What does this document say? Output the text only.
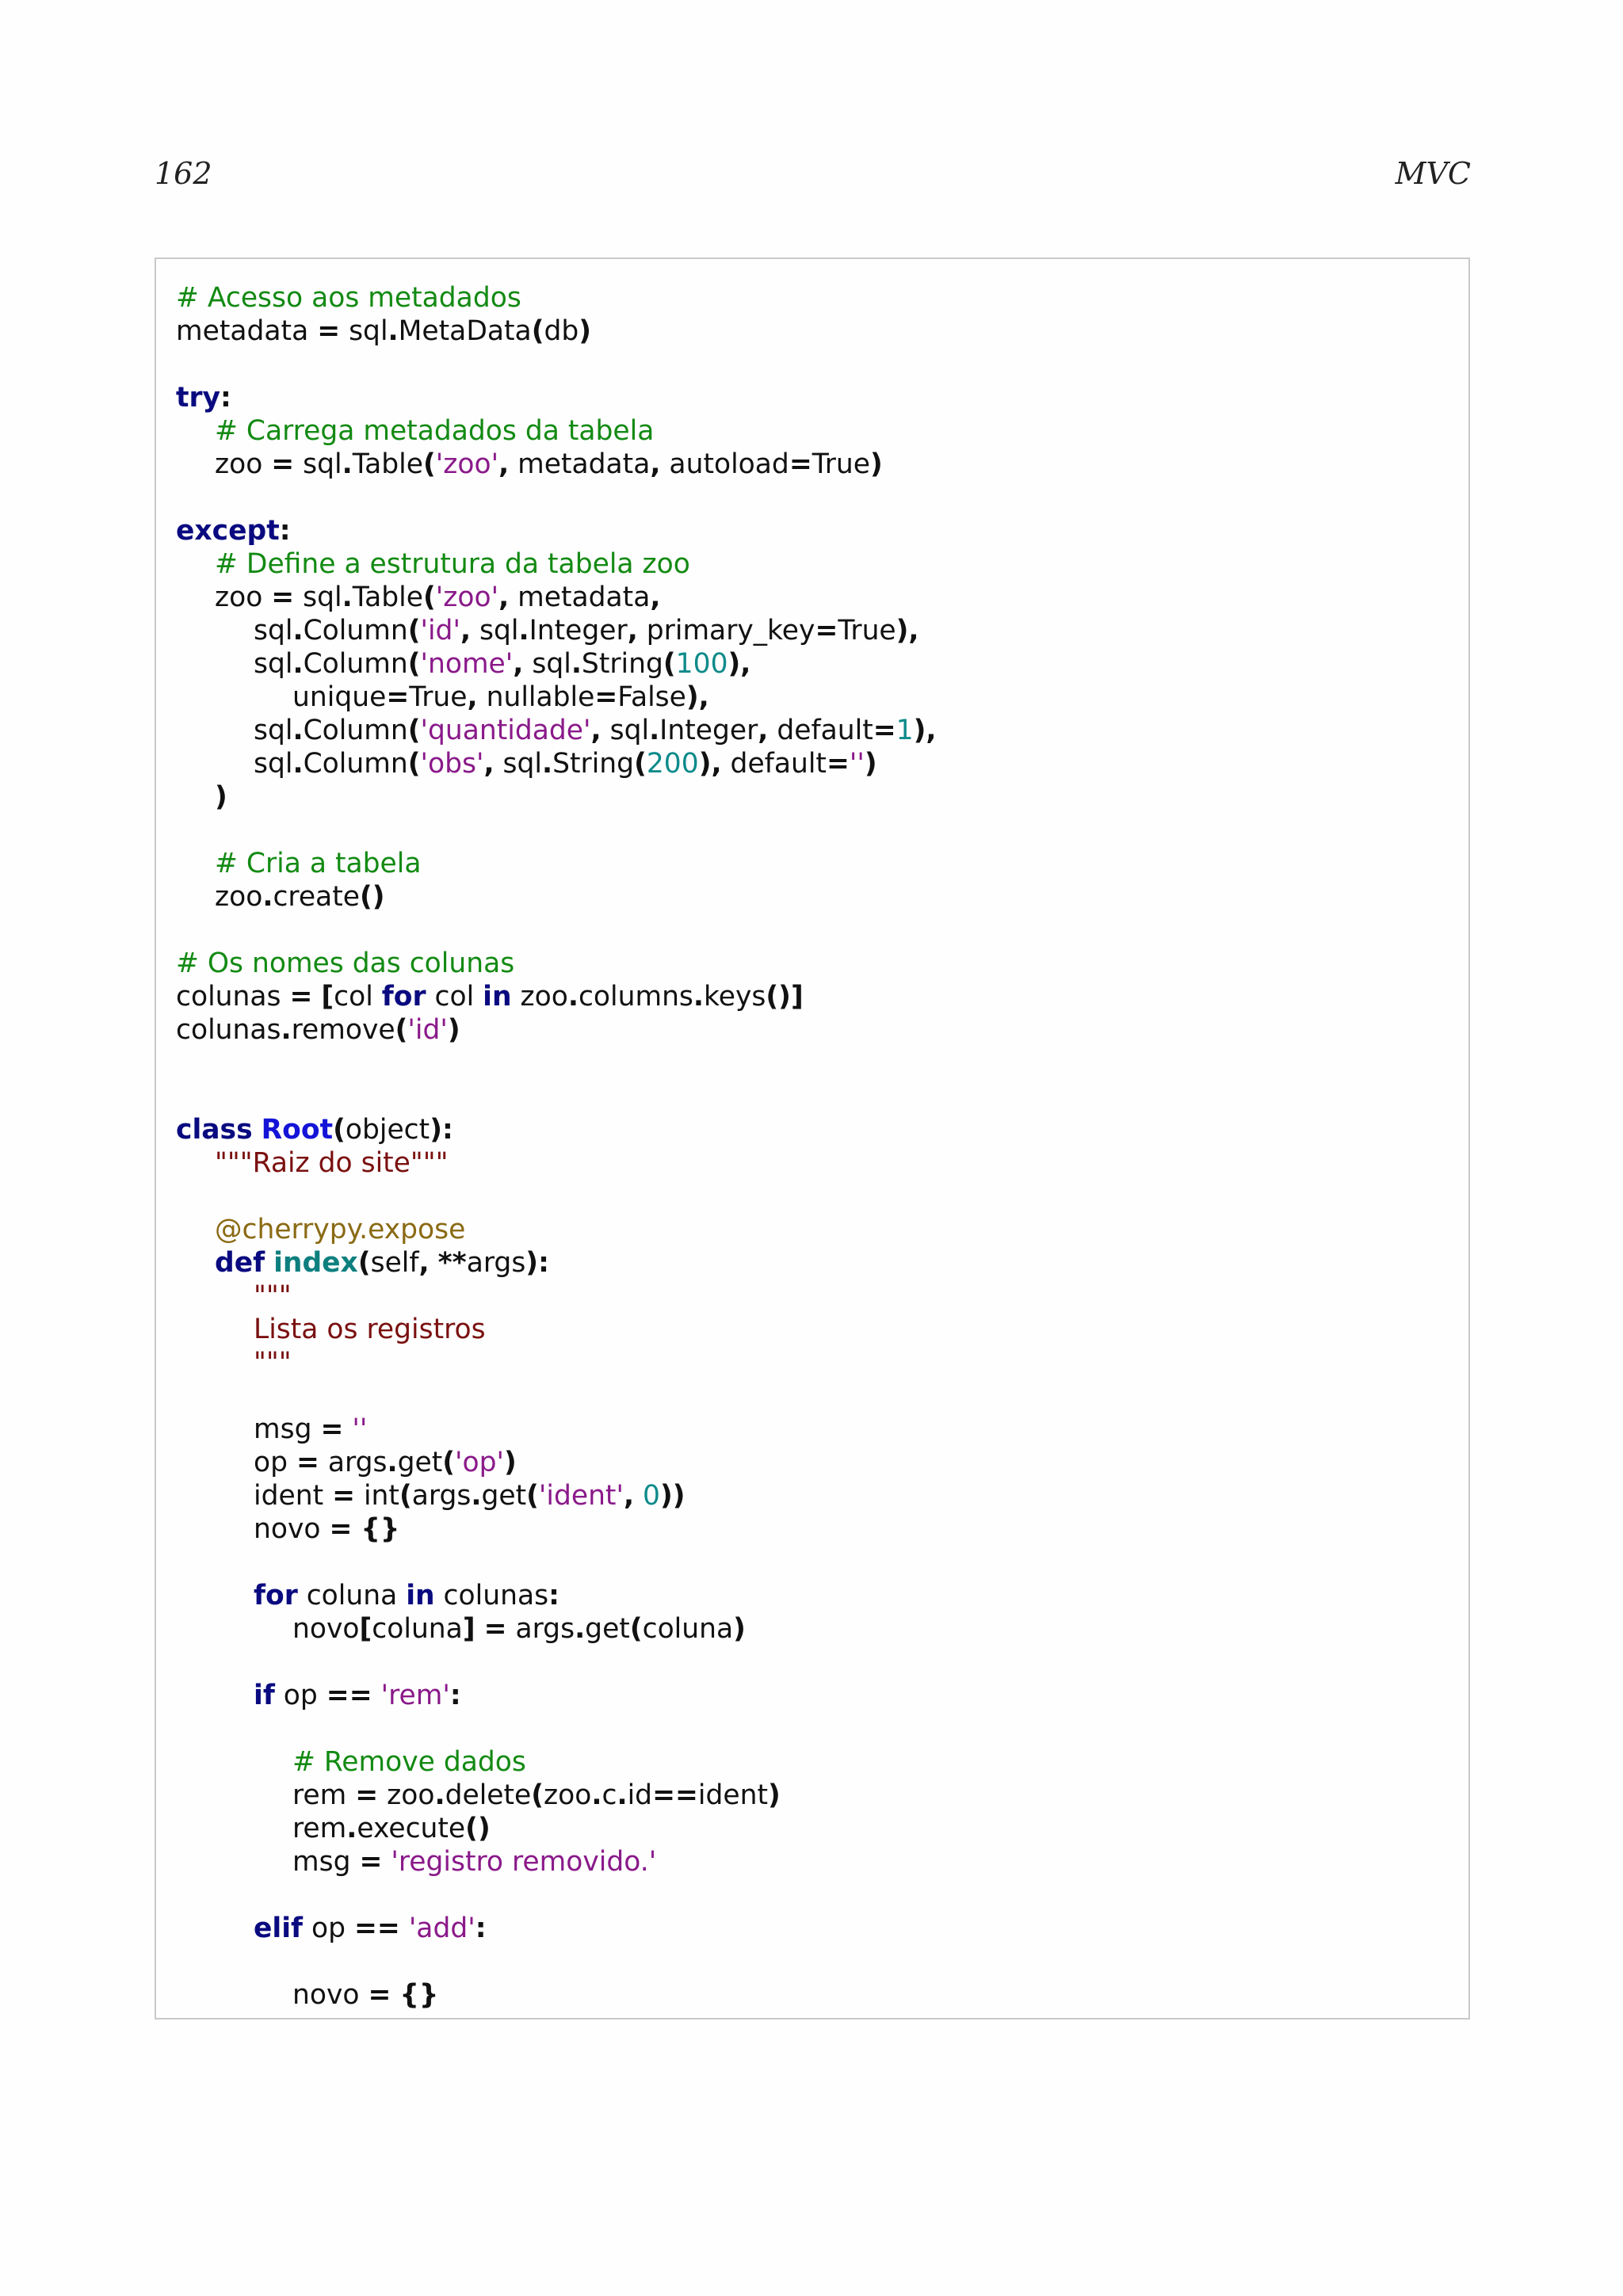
162	MVC
# Acesso aos metadados
metadata = sql.MetaData(db)
try:
# Carrega metadados da tabela
zoo = sql.Table('zoo', metadata, autoload=True)
except:
# Define a estrutura da tabela zoo
zoo = sql.Table('zoo', metadata,
sql.Column('id', sql.Integer, primary_key=True),
sql.Column('nome', sql.String(100),
unique=True, nullable=False),
sql.Column('quantidade', sql.Integer, default=1),
sql.Column('obs', sql.String(200), default='')
)
# Cria a tabela
zoo.create()
# Os nomes das colunas
colunas = [col for col in zoo.columns.keys()]
colunas.remove('id')
class Root(object):
"""Raiz do site"""
@cherrypy.expose
def index(self, **args):
"""
Lista os registros
"""
msg = ''
op = args.get('op')
ident = int(args.get('ident', 0))
novo = {}
for coluna in colunas:
novo[coluna] = args.get(coluna)
if op == 'rem':
# Remove dados
rem = zoo.delete(zoo.c.id==ident)
rem.execute()
msg = 'registro removido.'
elif op == 'add':
novo = {}
